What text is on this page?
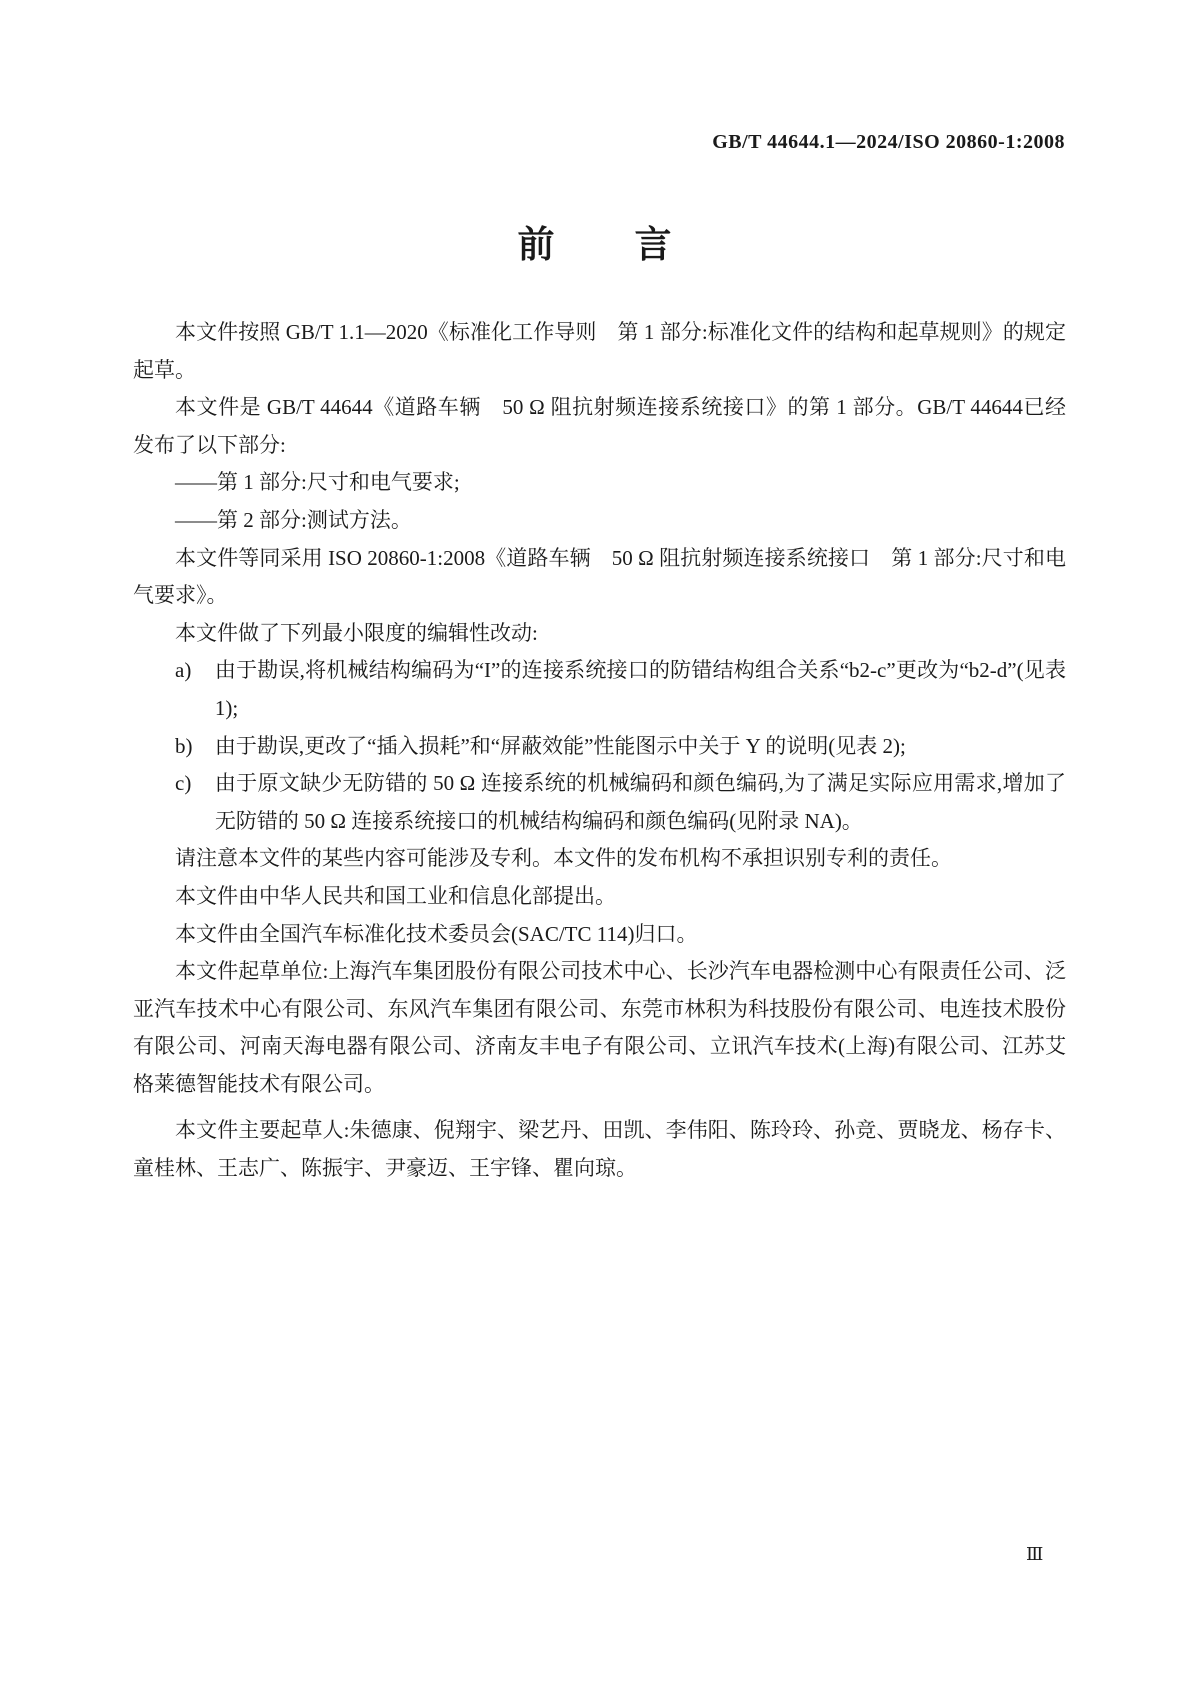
GB/T 44644.1—2024/ISO 20860-1:2008
前　　言

本文件按照 GB/T 1.1—2020《标准化工作导则　第 1 部分:标准化文件的结构和起草规则》的规定起草。

本文件是 GB/T 44644《道路车辆　50 Ω 阻抗射频连接系统接口》的第 1 部分。GB/T 44644已经发布了以下部分:

——第 1 部分:尺寸和电气要求;

——第 2 部分:测试方法。

本文件等同采用 ISO 20860-1:2008《道路车辆　50 Ω 阻抗射频连接系统接口　第 1 部分:尺寸和电气要求》。

本文件做了下列最小限度的编辑性改动:

a) 由于勘误,将机械结构编码为“I”的连接系统接口的防错结构组合关系“b2-c”更改为“b2-d”(见表 1);

b) 由于勘误,更改了“插入损耗”和“屏蔽效能”性能图示中关于 Y 的说明(见表 2);

c) 由于原文缺少无防错的 50 Ω 连接系统的机械编码和颜色编码,为了满足实际应用需求,增加了无防错的 50 Ω 连接系统接口的机械结构编码和颜色编码(见附录 NA)。

请注意本文件的某些内容可能涉及专利。本文件的发布机构不承担识别专利的责任。

本文件由中华人民共和国工业和信息化部提出。

本文件由全国汽车标准化技术委员会(SAC/TC 114)归口。

本文件起草单位:上海汽车集团股份有限公司技术中心、长沙汽车电器检测中心有限责任公司、泛亚汽车技术中心有限公司、东风汽车集团有限公司、东莞市林积为科技股份有限公司、电连技术股份有限公司、河南天海电器有限公司、济南友丰电子有限公司、立讯汽车技术(上海)有限公司、江苏艾格莱德智能技术有限公司。

本文件主要起草人:朱德康、倪翔宇、梁艺丹、田凯、李伟阳、陈玲玲、孙竞、贾晓龙、杨存卡、童桂林、王志广、陈振宇、尹豪迈、王宇锋、瞿向琼。

Ⅲ
